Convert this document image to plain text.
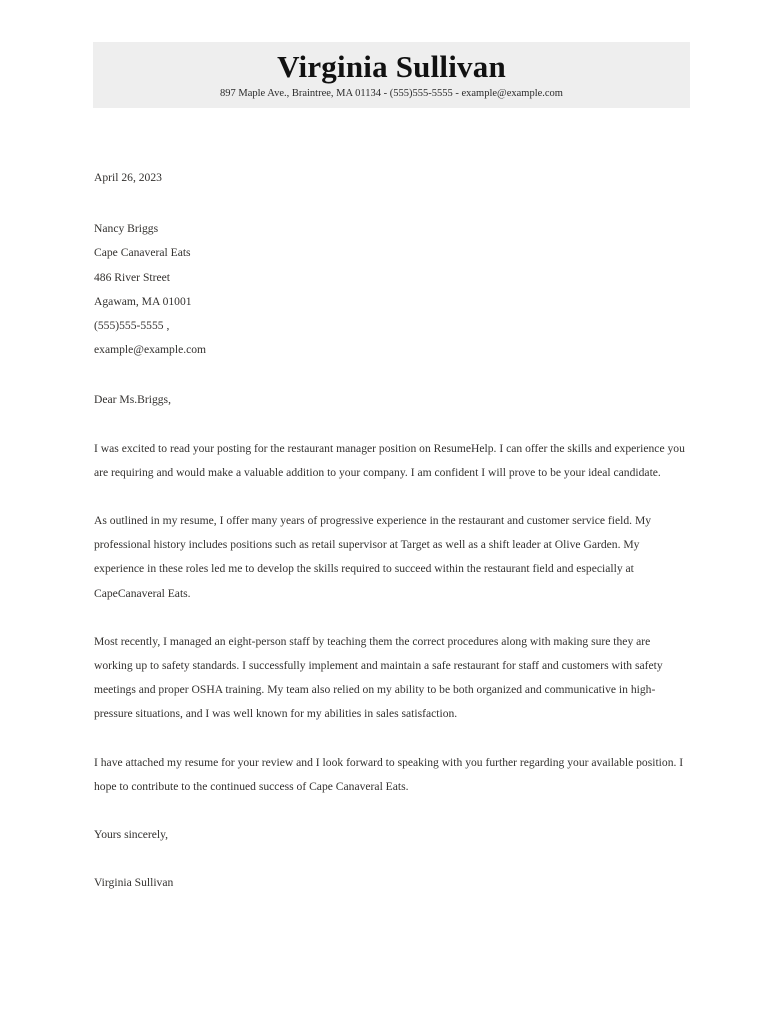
Virginia Sullivan
897 Maple Ave., Braintree, MA 01134 - (555)555-5555 - example@example.com
April 26, 2023
Nancy Briggs
Cape Canaveral Eats
486 River Street
Agawam, MA 01001
(555)555-5555 ,
example@example.com
Dear Ms.Briggs,

I was excited to read your posting for the restaurant manager position on ResumeHelp. I can offer the skills and experience you are requiring and would make a valuable addition to your company. I am confident I will prove to be your ideal candidate.

As outlined in my resume, I offer many years of progressive experience in the restaurant and customer service field. My professional history includes positions such as retail supervisor at Target as well as a shift leader at Olive Garden. My experience in these roles led me to develop the skills required to succeed within the restaurant field and especially at CapeCanaveral Eats.

Most recently, I managed an eight-person staff by teaching them the correct procedures along with making sure they are working up to safety standards. I successfully implement and maintain a safe restaurant for staff and customers with safety meetings and proper OSHA training. My team also relied on my ability to be both organized and communicative in high-pressure situations, and I was well known for my abilities in sales satisfaction.

I have attached my resume for your review and I look forward to speaking with you further regarding your available position. I hope to contribute to the continued success of Cape Canaveral Eats.

Yours sincerely,
Virginia Sullivan
